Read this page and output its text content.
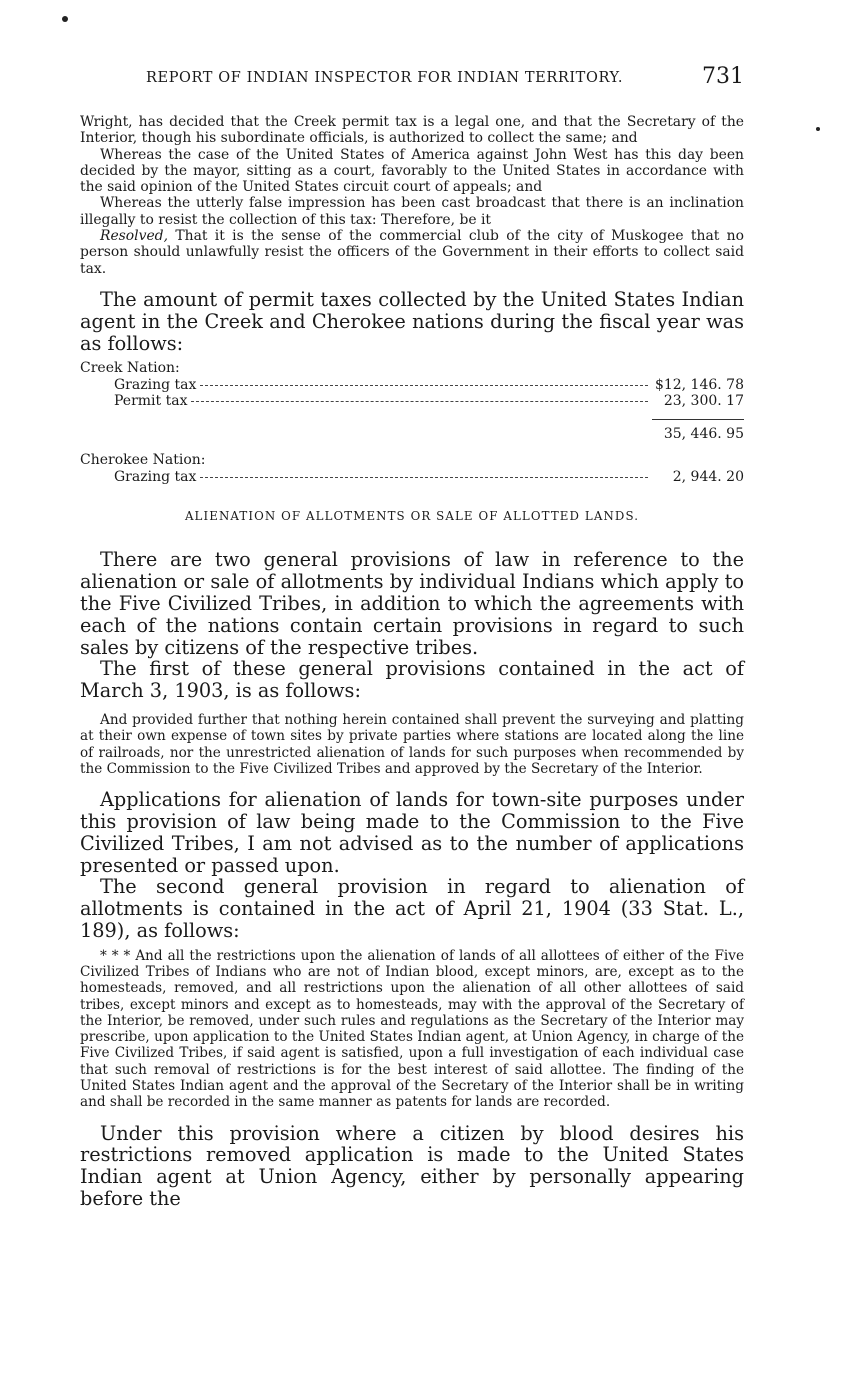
REPORT OF INDIAN INSPECTOR FOR INDIAN TERRITORY.	731

Wright, has decided that the Creek permit tax is a legal one, and that the Secretary of the Interior, though his subordinate officials, is authorized to collect the same; and

Whereas the case of the United States of America against John West has this day been decided by the mayor, sitting as a court, favorably to the United States in accordance with the said opinion of the United States circuit court of appeals; and

Whereas the utterly false impression has been cast broadcast that there is an inclination illegally to resist the collection of this tax: Therefore, be it

Resolved, That it is the sense of the commercial club of the city of Muskogee that no person should unlawfully resist the officers of the Government in their efforts to collect said tax.

The amount of permit taxes collected by the United States Indian agent in the Creek and Cherokee nations during the fiscal year was as follows:

Creek Nation:
Grazing tax	$12, 146. 78
Permit tax	23, 300. 17
35, 446. 95
Cherokee Nation:
Grazing tax	2, 944. 20
ALIENATION OF ALLOTMENTS OR SALE OF ALLOTTED LANDS.

There are two general provisions of law in reference to the alienation or sale of allotments by individual Indians which apply to the Five Civilized Tribes, in addition to which the agreements with each of the nations contain certain provisions in regard to such sales by citizens of the respective tribes.

The first of these general provisions contained in the act of March 3, 1903, is as follows:

And provided further that nothing herein contained shall prevent the surveying and platting at their own expense of town sites by private parties where stations are located along the line of railroads, nor the unrestricted alienation of lands for such purposes when recommended by the Commission to the Five Civilized Tribes and approved by the Secretary of the Interior.

Applications for alienation of lands for town-site purposes under this provision of law being made to the Commission to the Five Civilized Tribes, I am not advised as to the number of applications presented or passed upon.

The second general provision in regard to alienation of allotments is contained in the act of April 21, 1904 (33 Stat. L., 189), as follows:

* * * And all the restrictions upon the alienation of lands of all allottees of either of the Five Civilized Tribes of Indians who are not of Indian blood, except minors, are, except as to the homesteads, removed, and all restrictions upon the alienation of all other allottees of said tribes, except minors and except as to homesteads, may with the approval of the Secretary of the Interior, be removed, under such rules and regulations as the Secretary of the Interior may prescribe, upon application to the United States Indian agent, at Union Agency, in charge of the Five Civilized Tribes, if said agent is satisfied, upon a full investigation of each individual case that such removal of restrictions is for the best interest of said allottee. The finding of the United States Indian agent and the approval of the Secretary of the Interior shall be in writing and shall be recorded in the same manner as patents for lands are recorded.

Under this provision where a citizen by blood desires his restrictions removed application is made to the United States Indian agent at Union Agency, either by personally appearing before the
